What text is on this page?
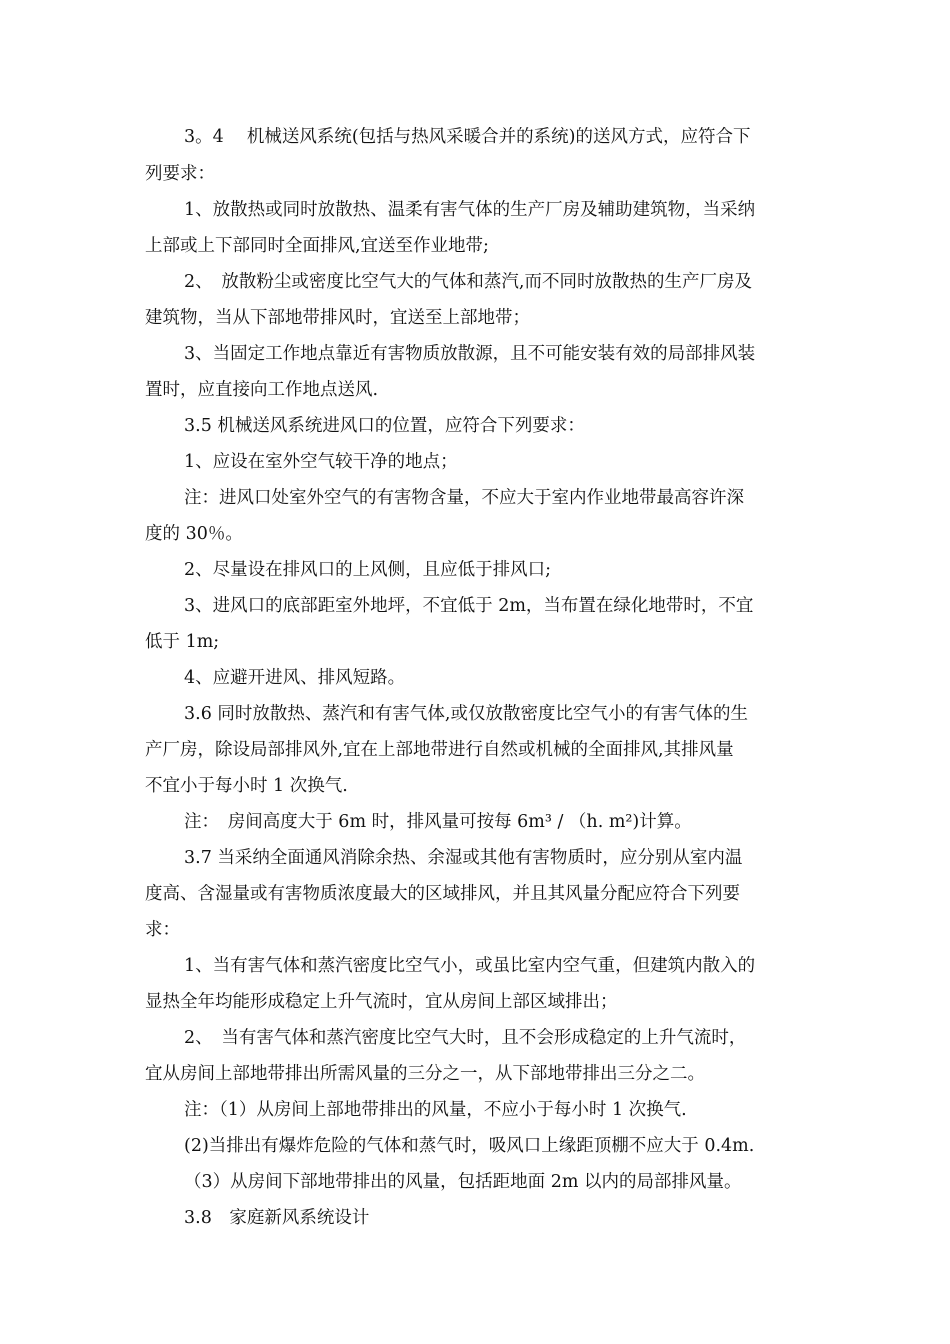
3。4　 机械送风系统(包括与热风采暖合并的系统)的送风方式，应符合下
列要求：
1、放散热或同时放散热、温柔有害气体的生产厂房及辅助建筑物，当采纳
上部或上下部同时全面排风,宜送至作业地带;
2、　放散粉尘或密度比空气大的气体和蒸汽,而不同时放散热的生产厂房及
建筑物，当从下部地带排风时，宜送至上部地带；
3、当固定工作地点靠近有害物质放散源，且不可能安装有效的局部排风装
置时，应直接向工作地点送风.
3.5 机械送风系统进风口的位置，应符合下列要求：
1、应设在室外空气较干净的地点；
注：进风口处室外空气的有害物含量，不应大于室内作业地带最高容许深
度的 30％。
2、尽量设在排风口的上风侧，且应低于排风口;
3、进风口的底部距室外地坪，不宜低于 2m，当布置在绿化地带时，不宜
低于 1m;
4、应避开进风、排风短路。
3.6 同时放散热、蒸汽和有害气体,或仅放散密度比空气小的有害气体的生
产厂房，除设局部排风外,宜在上部地带进行自然或机械的全面排风,其排风量
不宜小于每小时 1 次换气.
注：　房间高度大于 6m 时，排风量可按每 6m³ / （h. m²)计算。
3.7 当采纳全面通风消除余热、余湿或其他有害物质时，应分别从室内温
度高、含湿量或有害物质浓度最大的区域排风，并且其风量分配应符合下列要
求：
1、当有害气体和蒸汽密度比空气小，或虽比室内空气重，但建筑内散入的
显热全年均能形成稳定上升气流时，宜从房间上部区域排出；
2、　当有害气体和蒸汽密度比空气大时，且不会形成稳定的上升气流时，
宜从房间上部地带排出所需风量的三分之一，从下部地带排出三分之二。
注：（1）从房间上部地带排出的风量，不应小于每小时 1 次换气.
(2)当排出有爆炸危险的气体和蒸气时，吸风口上缘距顶棚不应大于 0.4m.
（3）从房间下部地带排出的风量，包括距地面 2m 以内的局部排风量。
3.8　家庭新风系统设计
